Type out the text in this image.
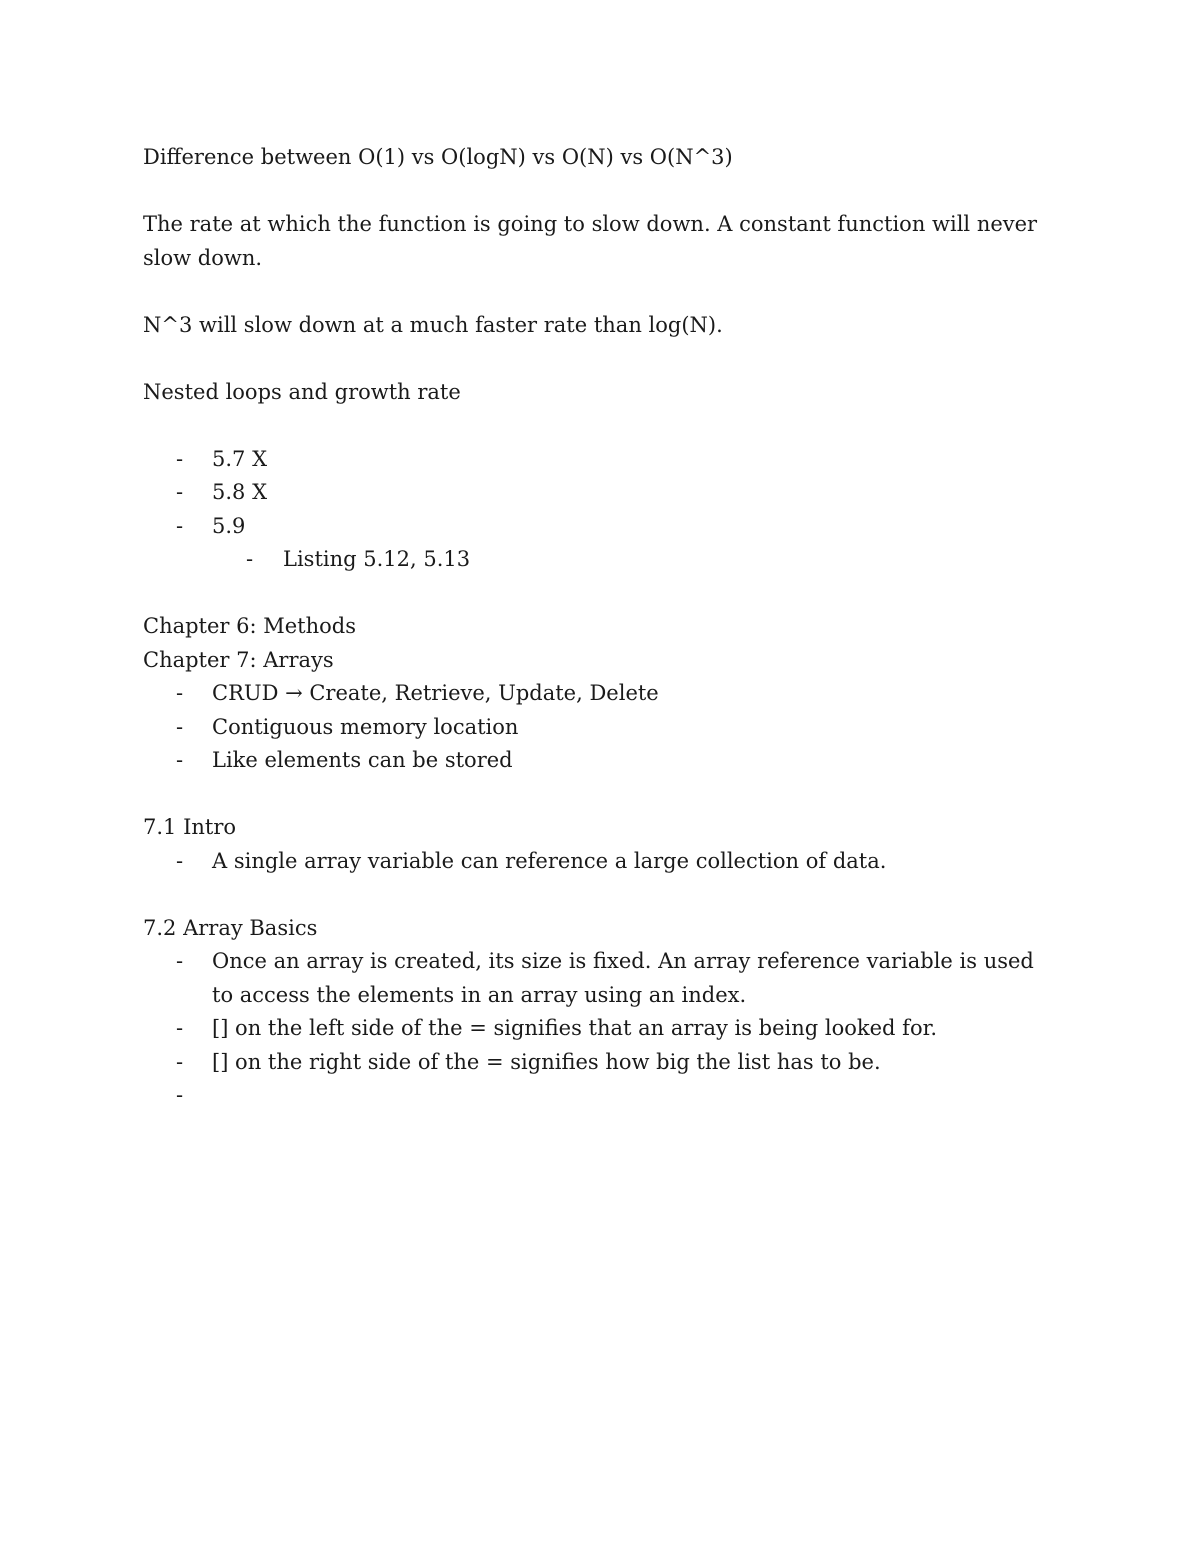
Difference between O(1) vs O(logN) vs O(N) vs O(N^3)

The rate at which the function is going to slow down. A constant function will never slow down.

N^3 will slow down at a much faster rate than log(N).

Nested loops and growth rate

-	5.7 X
-	5.8 X
-	5.9
-	Listing 5.12, 5.13

Chapter 6: Methods

Chapter 7: Arrays

-	CRUD → Create, Retrieve, Update, Delete
-	Contiguous memory location
-	Like elements can be stored

7.1 Intro

-	A single array variable can reference a large collection of data.

7.2 Array Basics

-	Once an array is created, its size is fixed. An array reference variable is used to access the elements in an array using an index.
-	[] on the left side of the = signifies that an array is being looked for.
-	[] on the right side of the = signifies how big the list has to be.
-
